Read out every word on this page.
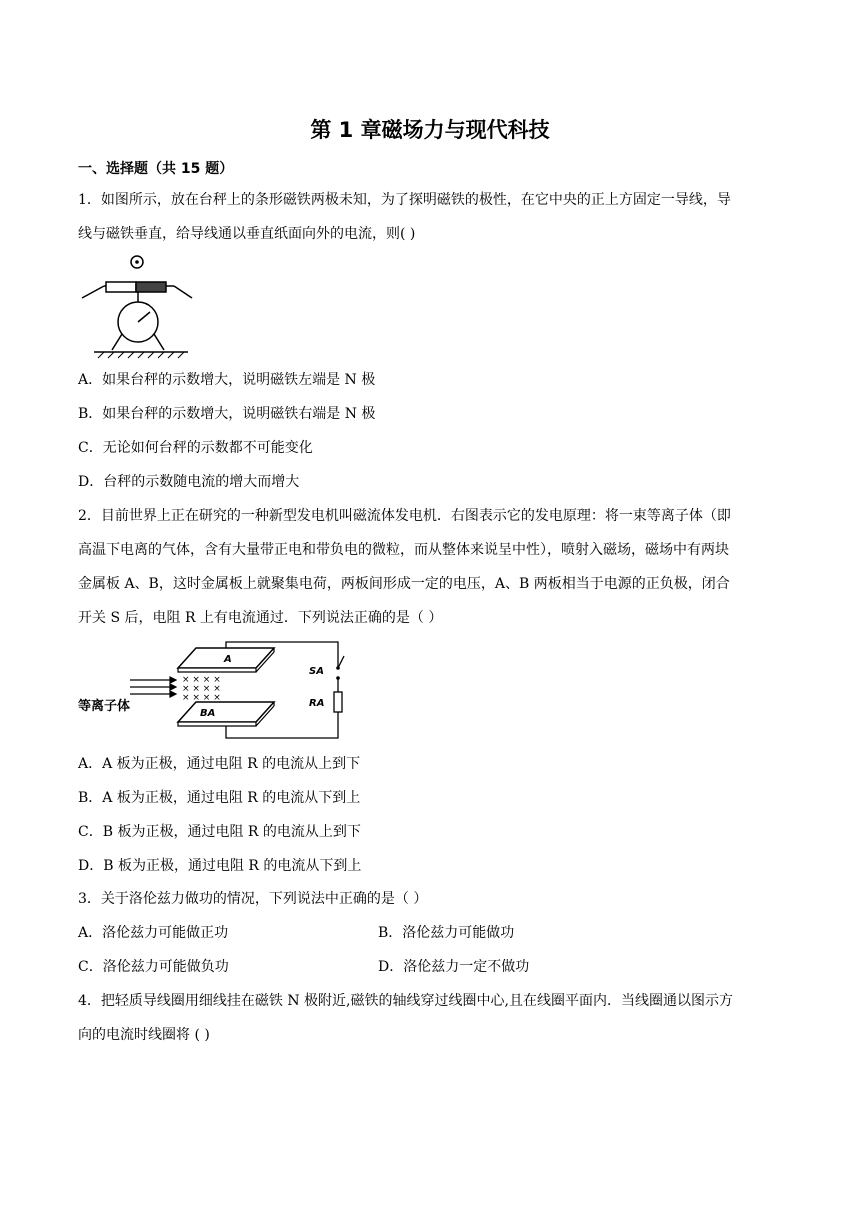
第 1 章磁场力与现代科技
一、选择题（共 15 题）
1．如图所示，放在台秤上的条形磁铁两极未知，为了探明磁铁的极性，在它中央的正上方固定一导线，导
线与磁铁垂直，给导线通以垂直纸面向外的电流，则( )
A．如果台秤的示数增大，说明磁铁左端是 N 极
B．如果台秤的示数增大，说明磁铁右端是 N 极
C．无论如何台秤的示数都不可能变化
D．台秤的示数随电流的增大而增大
2．目前世界上正在研究的一种新型发电机叫磁流体发电机．右图表示它的发电原理：将一束等离子体（即
高温下电离的气体，含有大量带正电和带负电的微粒，而从整体来说呈中性），喷射入磁场，磁场中有两块
金属板 A、B，这时金属板上就聚集电荷，两板间形成一定的电压，A、B 两板相当于电源的正负极，闭合
开关 S 后，电阻 R 上有电流通过．下列说法正确的是（ ）
A
BA
× × × ×
× × × ×
× × × ×
等离子体
SA
RA
A．A 板为正极，通过电阻 R 的电流从上到下
B．A 板为正极，通过电阻 R 的电流从下到上
C．B 板为正极，通过电阻 R 的电流从上到下
D．B 板为正极，通过电阻 R 的电流从下到上
3．关于洛伦兹力做功的情况，下列说法中正确的是（ ）
A．洛伦兹力可能做正功	B．洛伦兹力可能做功
C．洛伦兹力可能做负功	D．洛伦兹力一定不做功
4．把轻质导线圈用细线挂在磁铁 N 极附近,磁铁的轴线穿过线圈中心,且在线圈平面内．当线圈通以图示方
向的电流时线圈将 ( )
